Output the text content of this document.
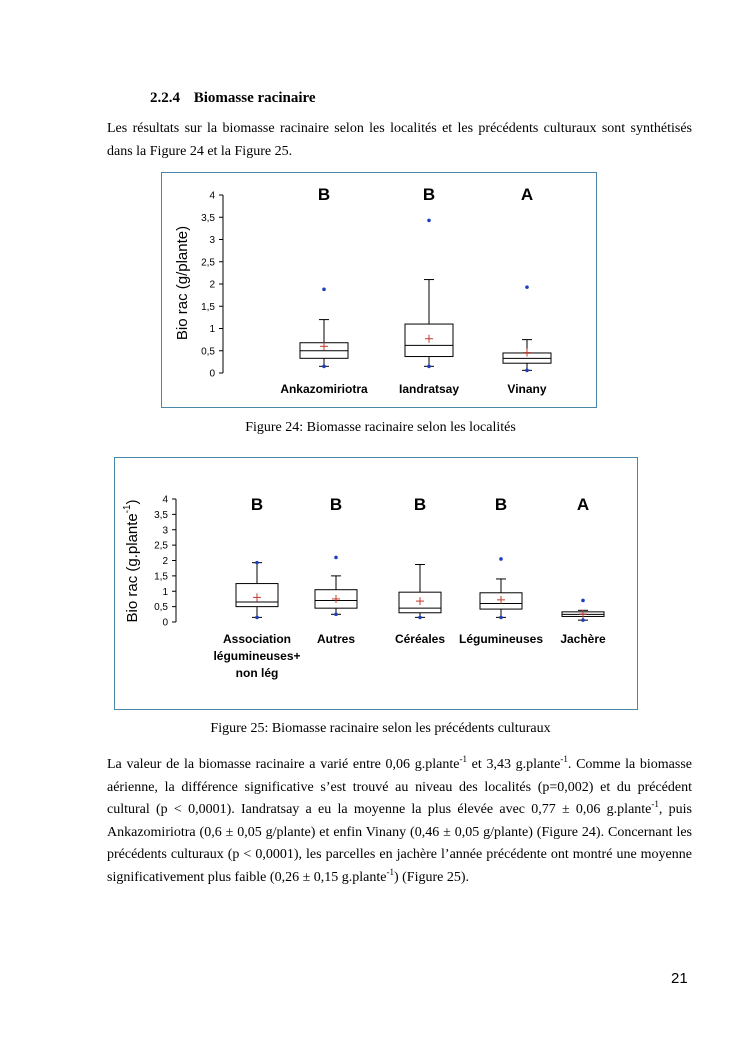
2.2.4 Biomasse racinaire
Les résultats sur la biomasse racinaire selon les localités et les précédents culturaux sont synthétisés dans la Figure 24 et la Figure 25.
0
0,5
1
1,5
2
2,5
3
3,5
4
Bio rac (g/plante)
B
Ankazomiriotra
B
Iandratsay
A
Vinany
Figure 24: Biomasse racinaire selon les localités
0
0,5
1
1,5
2
2,5
3
3,5
4
Bio rac (g.plante$^{-1}$)	B
Association
légumineuses+
non lég
B
Autres
B
Céréales
B
Légumineuses
A
Jachère
Figure 25: Biomasse racinaire selon les précédents culturaux
La valeur de la biomasse racinaire a varié entre 0,06 g.plante$^{-1}$ et 3,43 g.plante$^{-1}$. Comme la biomasse aérienne, la différence significative s’est trouvé au niveau des localités (p=0,002) et du précédent cultural (p < 0,0001). Iandratsay a eu la moyenne la plus élevée avec 0,77 ± 0,06 g.plante$^{-1}$, puis Ankazomiriotra (0,6 ± 0,05 g/plante) et enfin Vinany (0,46 ± 0,05 g/plante) (Figure 24). Concernant les précédents culturaux (p < 0,0001), les parcelles en jachère l’année précédente ont montré une moyenne significativement plus faible (0,26 ± 0,15 g.plante$^{-1}$) (Figure 25).
21
